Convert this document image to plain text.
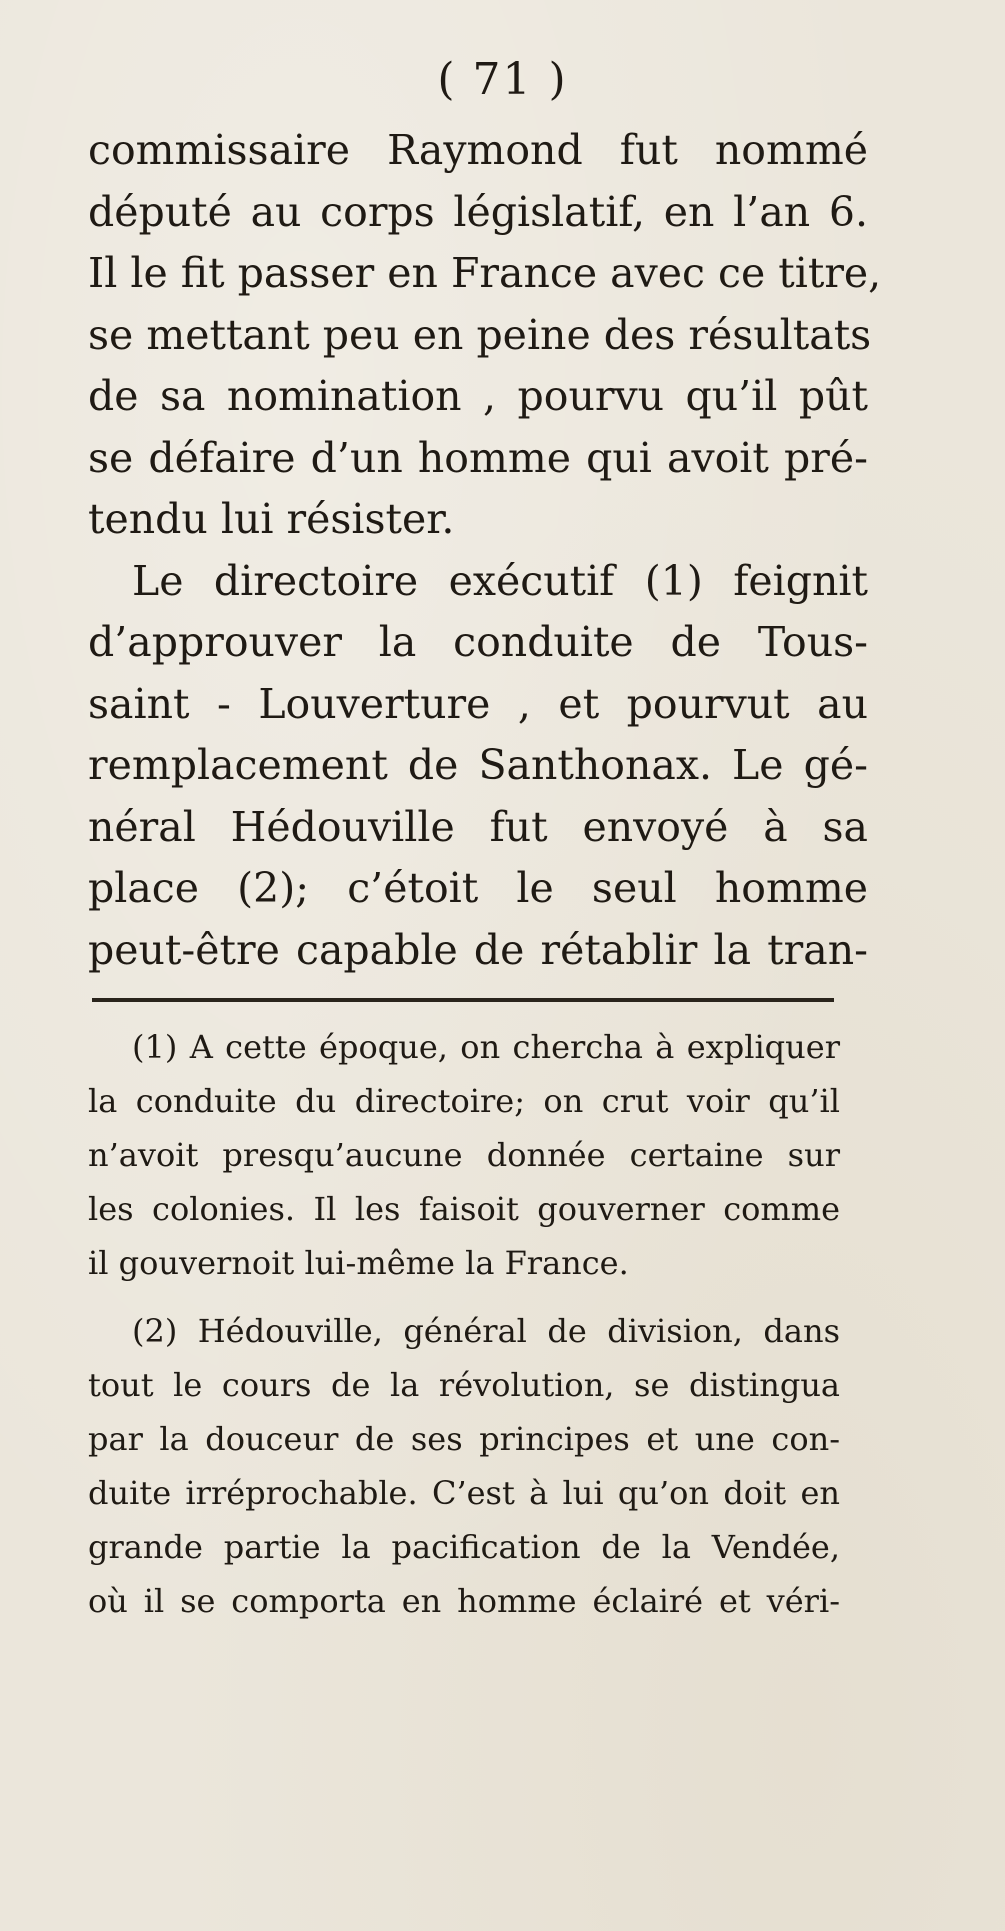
( 71 )
commissaire Raymond fut nommé
député au corps législatif, en l’an 6.
Il le fit passer en France avec ce titre,
se mettant peu en peine des résultats
de sa nomination , pourvu qu’il pût
se défaire d’un homme qui avoit pré-
tendu lui résister.
Le directoire exécutif (1) feignit
d’approuver la conduite de Tous-
saint - Louverture , et pourvut au
remplacement de Santhonax. Le gé-
néral Hédouville fut envoyé à sa
place (2); c’étoit le seul homme
peut-être capable de rétablir la tran-
(1) A cette époque, on chercha à expliquer
la conduite du directoire; on crut voir qu’il
n’avoit presqu’aucune donnée certaine sur
les colonies. Il les faisoit gouverner comme
il gouvernoit lui-même la France.
(2) Hédouville, général de division, dans
tout le cours de la révolution, se distingua
par la douceur de ses principes et une con-
duite irréprochable. C’est à lui qu’on doit en
grande partie la pacification de la Vendée,
où il se comporta en homme éclairé et véri-
